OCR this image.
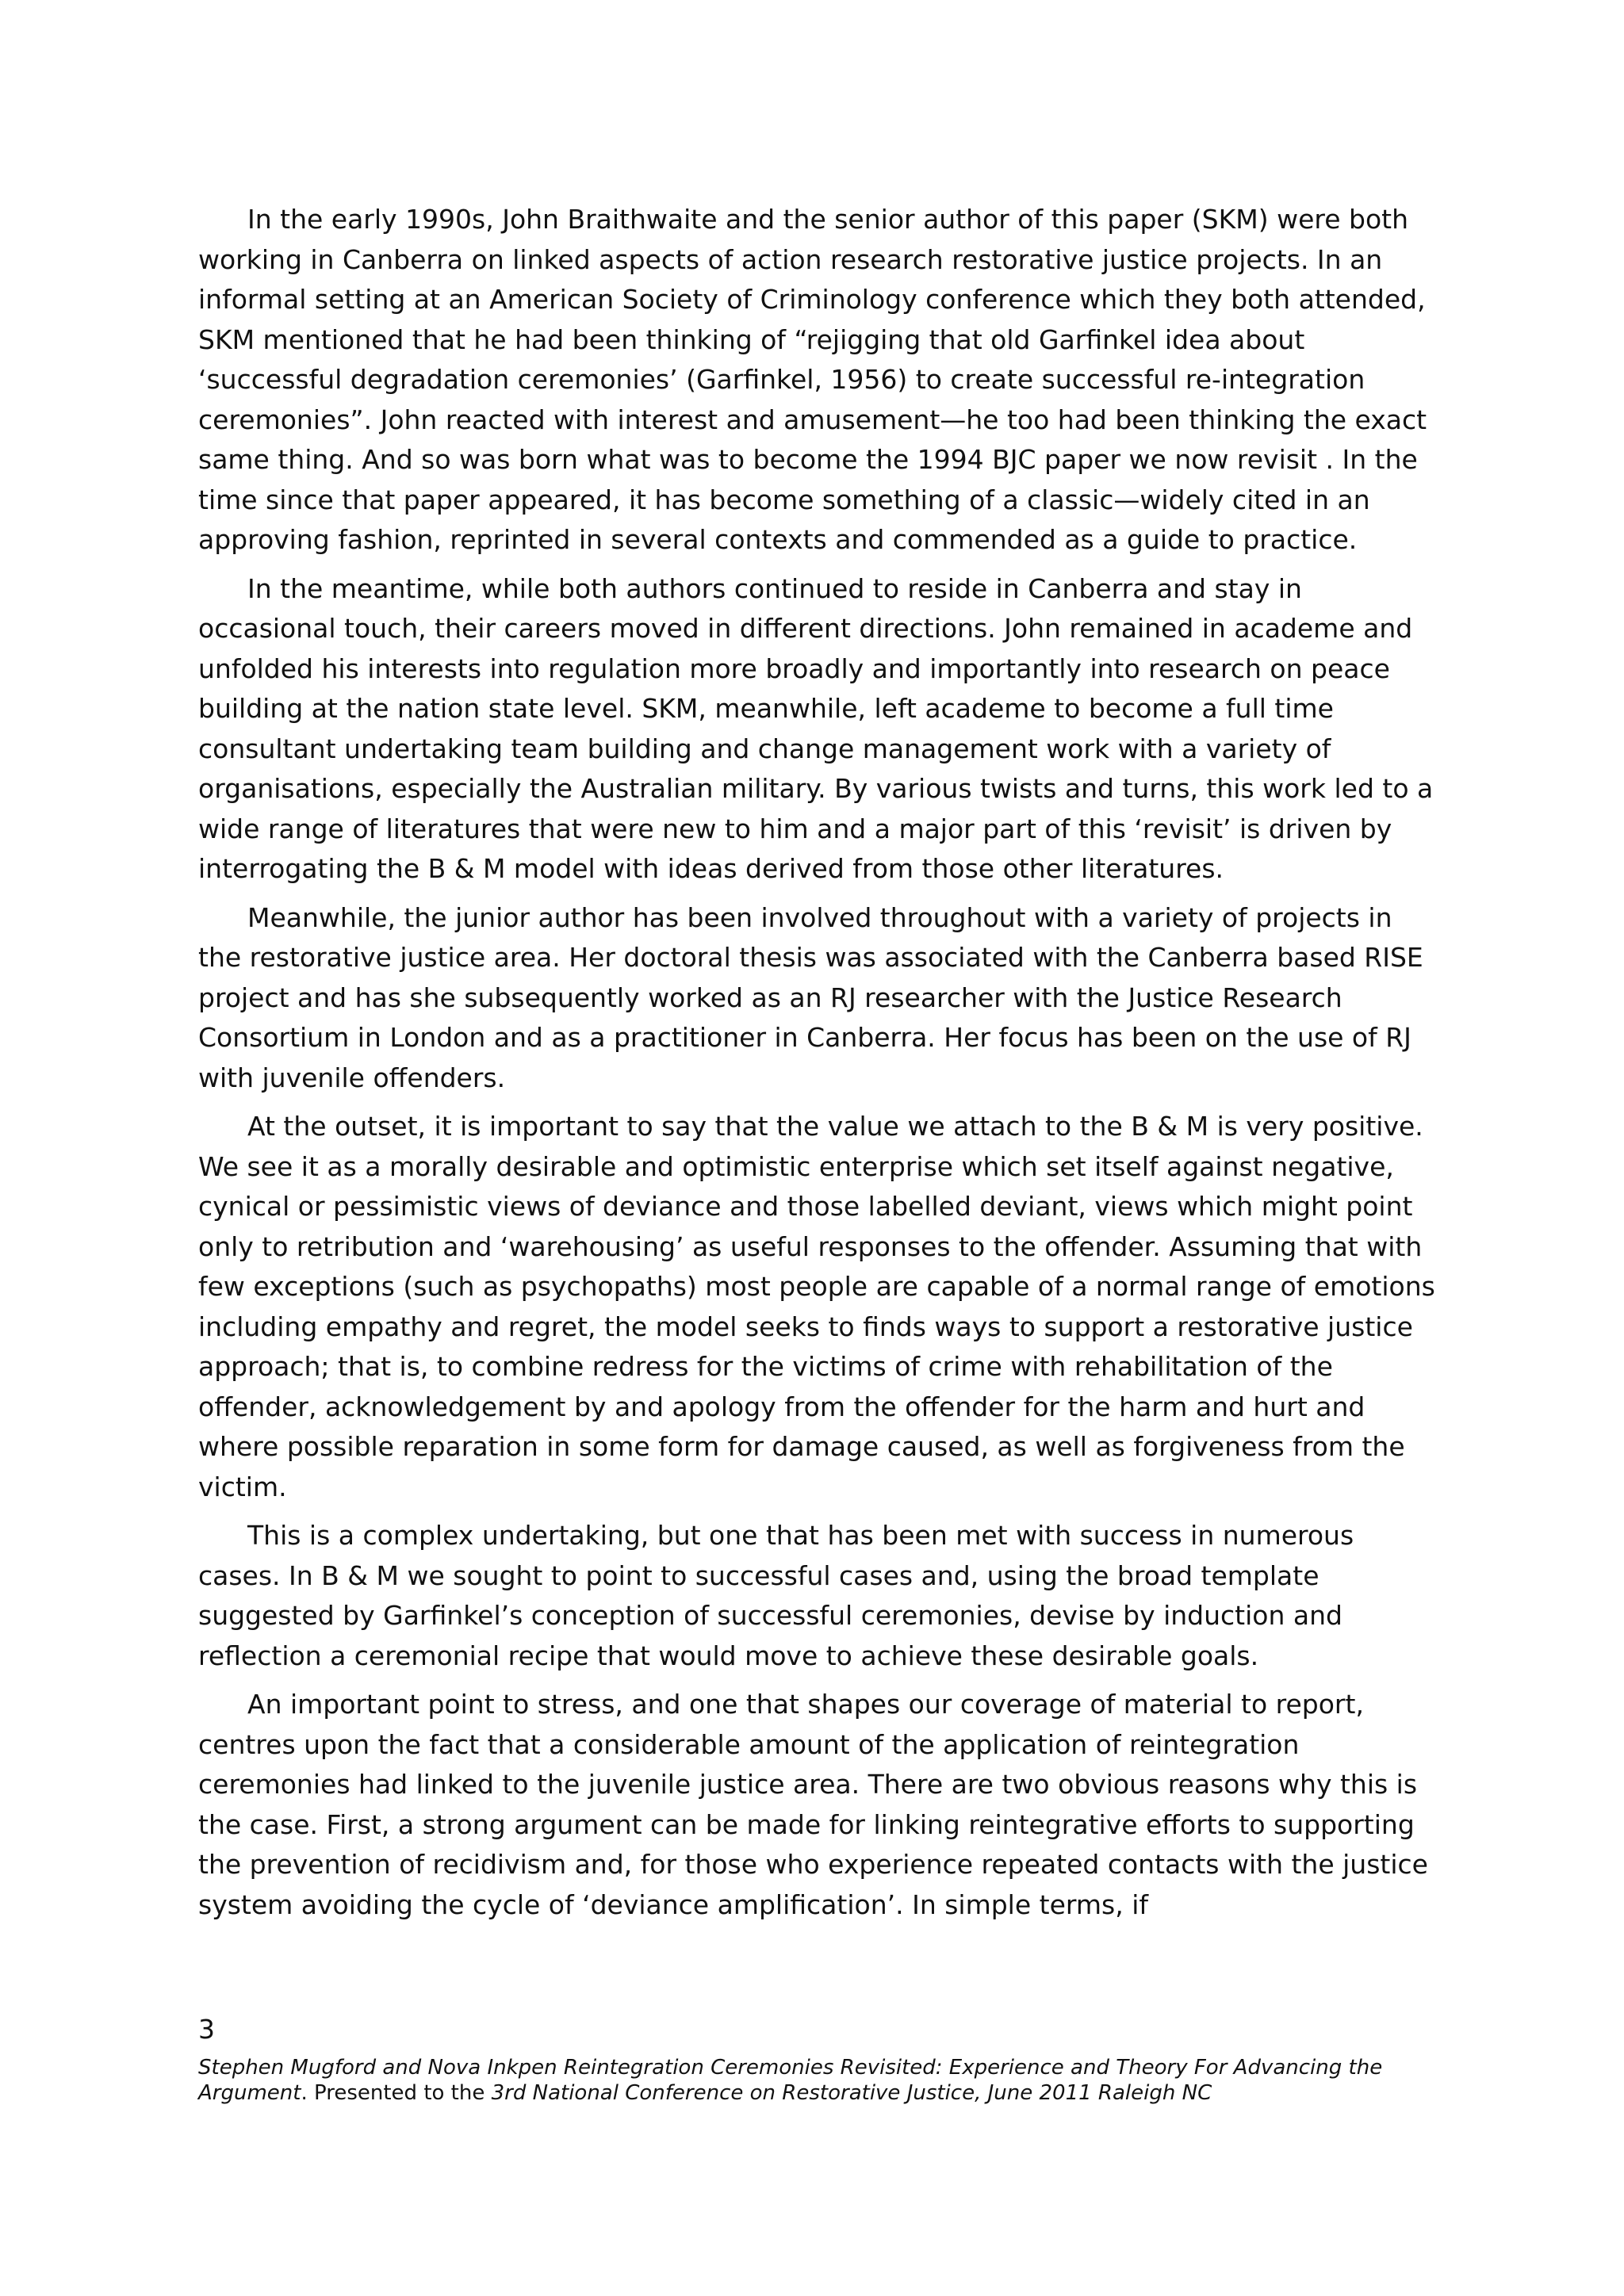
In the early 1990s, John Braithwaite and the senior author of this paper (SKM) were both working in Canberra on linked aspects of action research restorative justice projects. In an informal setting at an American Society of Criminology conference which they both attended, SKM mentioned that he had been thinking of “rejigging that old Garfinkel idea about ‘successful degradation ceremonies’ (Garfinkel, 1956) to create successful re-integration ceremonies”. John reacted with interest and amusement—he too had been thinking the exact same thing. And so was born what was to become the 1994 BJC paper we now revisit . In the time since that paper appeared, it has become something of a classic—widely cited in an approving fashion, reprinted in several contexts and commended as a guide to practice.

In the meantime, while both authors continued to reside in Canberra and stay in occasional touch, their careers moved in different directions. John remained in academe and unfolded his interests into regulation more broadly and importantly into research on peace building at the nation state level. SKM, meanwhile, left academe to become a full time consultant undertaking team building and change management work with a variety of organisations, especially the Australian military. By various twists and turns, this work led to a wide range of literatures that were new to him and a major part of this ‘revisit’ is driven by interrogating the B & M model with ideas derived from those other literatures.

Meanwhile, the junior author has been involved throughout with a variety of projects in the restorative justice area. Her doctoral thesis was associated with the Canberra based RISE project and has she subsequently worked as an RJ researcher with the Justice Research Consortium in London and as a practitioner in Canberra. Her focus has been on the use of RJ with juvenile offenders.

At the outset, it is important to say that the value we attach to the B & M is very positive. We see it as a morally desirable and optimistic enterprise which set itself against negative, cynical or pessimistic views of deviance and those labelled deviant, views which might point only to retribution and ‘warehousing’ as useful responses to the offender. Assuming that with few exceptions (such as psychopaths) most people are capable of a normal range of emotions including empathy and regret, the model seeks to finds ways to support a restorative justice approach; that is, to combine redress for the victims of crime with rehabilitation of the offender, acknowledgement by and apology from the offender for the harm and hurt and where possible reparation in some form for damage caused, as well as forgiveness from the victim.

This is a complex undertaking, but one that has been met with success in numerous cases. In B & M we sought to point to successful cases and, using the broad template suggested by Garfinkel’s conception of successful ceremonies, devise by induction and reflection a ceremonial recipe that would move to achieve these desirable goals.

An important point to stress, and one that shapes our coverage of material to report, centres upon the fact that a considerable amount of the application of reintegration ceremonies had linked to the juvenile justice area. There are two obvious reasons why this is the case. First, a strong argument can be made for linking reintegrative efforts to supporting the prevention of recidivism and, for those who experience repeated contacts with the justice system avoiding the cycle of ‘deviance amplification’. In simple terms, if

3
Stephen Mugford and Nova Inkpen Reintegration Ceremonies Revisited: Experience and Theory For Advancing the Argument. Presented to the 3rd National Conference on Restorative Justice, June 2011 Raleigh NC
